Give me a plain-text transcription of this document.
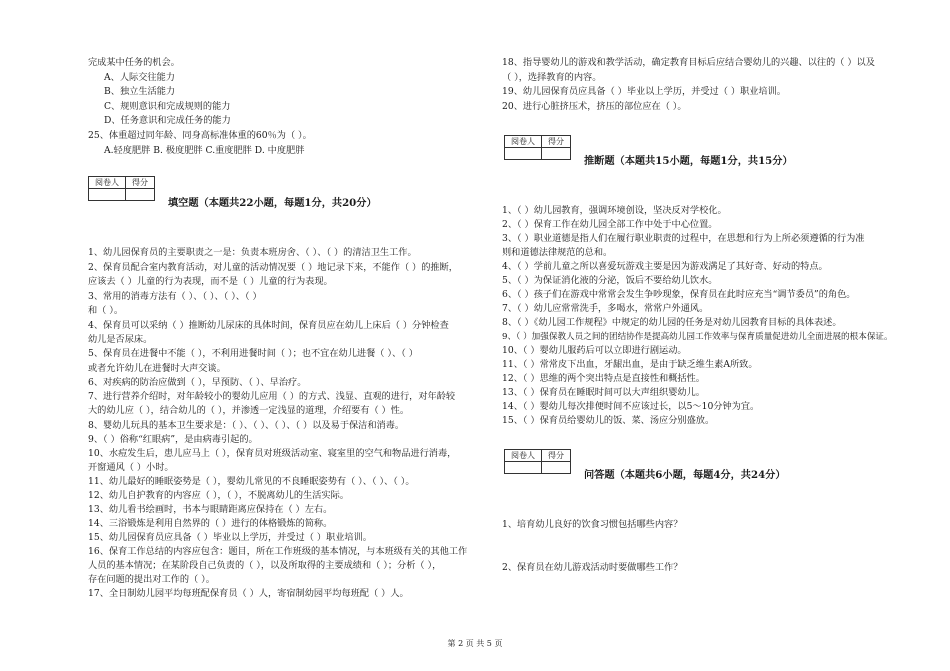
完成某中任务的机会。
A、人际交往能力
B、独立生活能力
C、规则意识和完成规则的能力
D、任务意识和完成任务的能力
25、体重超过同年龄、同身高标准体重的60％为（ ）。
A.轻度肥胖 B. 极度肥胖 C.重度肥胖 D. 中度肥胖
阅卷人	得分

填空题（本题共22小题，每题1分，共20分）
1、幼儿园保育员的主要职责之一是：负责本班房舍、（ ）、（ ）的清洁卫生工作。
2、保育员配合室内教育活动，对儿童的活动情况要（ ）地记录下来，不能作（ ）的推断，
应该去（ ）儿童的行为表现，而不是（ ）儿童的行为表现。
3、常用的消毒方法有（ ）、（ ）、（ ）、（ ）
和（ ）。
4、保育员可以采纳（ ）推断幼儿尿床的具体时间，保育员应在幼儿上床后（ ）分钟检查
幼儿是否尿床。
5、保育员在进餐中不能（ ），不利用进餐时间（ ）；也不宜在幼儿进餐（ ）、（ ）
或者允许幼儿在进餐时大声交谈。
6、对疾病的防治应做到（ ），早预防、（ ）、早治疗。
7、进行营养介绍时，对年龄较小的婴幼儿应用（ ）的方式、浅显、直观的进行，对年龄较
大的幼儿应（ ），结合幼儿的（ ），并渗透一定浅显的道理，介绍要有（ ）性。
8、婴幼儿玩具的基本卫生要求是：（ ）、（ ）、（ ）、（ ）以及易于保洁和消毒。
9、（ ）俗称“红眼病”，是由病毒引起的。
10、水痘发生后，患儿应马上（ ），保育员对班级活动室、寝室里的空气和物品进行消毒，
开窗通风（ ）小时。
11、幼儿最好的睡眠姿势是（ ），婴幼儿常见的不良睡眠姿势有（ ）、（ ）、（ ）。
12、幼儿自护教育的内容应（ ），（ ），不脱离幼儿的生活实际。
13、幼儿看书绘画时，书本与眼睛距离应保持在（ ）左右。
14、三浴锻炼是利用自然界的（ ）进行的体格锻炼的简称。
15、幼儿园保育员应具备（ ）毕业以上学历，并受过（ ）职业培训。
16、保育工作总结的内容应包含：题目，所在工作班级的基本情况，与本班级有关的其他工作
人员的基本情况；在某阶段自己负责的（ ），以及所取得的主要成绩和（ ）；分析（ ），
存在问题的提出对工作的（ ）。
17、全日制幼儿园平均每班配保育员（ ）人，寄宿制幼园平均每班配（ ）人。
18、指导婴幼儿的游戏和教学活动，确定教育目标后应结合婴幼儿的兴趣、以往的（ ）以及
（ ），选择教育的内容。
19、幼儿园保育员应具备（ ）毕业以上学历，并受过（ ）职业培训。
20、进行心脏挤压术，挤压的部位应在（ ）。
阅卷人	得分

推断题（本题共15小题，每题1分，共15分）
1、（ ）幼儿园教育，强调环境创设，坚决反对学校化。
2、（ ）保育工作在幼儿园全部工作中处于中心位置。
3、（ ）职业道德是指人们在履行职业职责的过程中，在思想和行为上所必须遵循的行为准
则和道德法律规范的总和。
4、（ ）学前儿童之所以喜爱玩游戏主要是因为游戏满足了其好奇、好动的特点。
5、（ ）为保证消化液的分泌，饭后不要给幼儿饮水。
6、（ ）孩子们在游戏中常常会发生争吵现象，保育员在此时应充当“调节委员”的角色。
7、（ ）幼儿应常常洗手，多喝水，常常户外通风。
8、（ ）《幼儿园工作规程》中规定的幼儿园的任务是对幼儿园教育目标的具体表述。
9、（ ）加强保教人员之间的团结协作是提高幼儿园工作效率与保育质量促进幼儿全面进展的根本保证。
10、（ ）婴幼儿服药后可以立即进行剧运动。
11、（ ）常常皮下出血，牙龈出血，是由于缺乏维生素A所致。
12、（ ）思维的两个突出特点是直接性和概括性。
13、（ ）保育员在睡眠时间可以大声组织婴幼儿。
14、（ ）婴幼儿每次排便时间不应该过长，以5～10分钟为宜。
15、（ ）保育员给婴幼儿的饭、菜、汤应分别盛放。
阅卷人	得分

问答题（本题共6小题，每题4分，共24分）
1、培育幼儿良好的饮食习惯包括哪些内容？
2、保育员在幼儿游戏活动时要做哪些工作？
第 2 页 共 5 页
